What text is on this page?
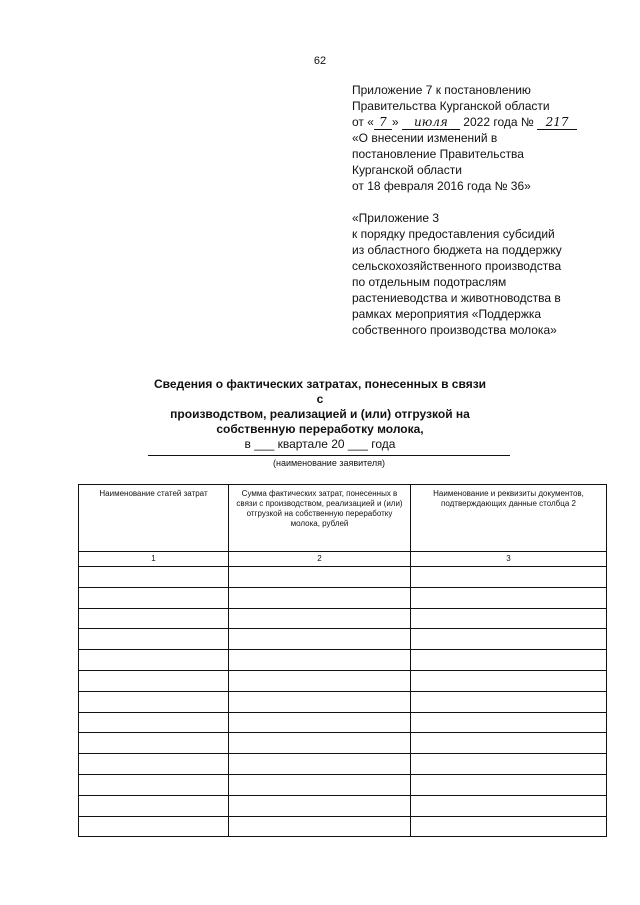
62
Приложение 7 к постановлению
Правительства Курганской области
от « 7 » июля 2022 года № 217
«О внесении изменений в
постановление Правительства
Курганской области
от 18 февраля 2016 года № 36»
«Приложение 3
к порядку предоставления субсидий
из областного бюджета на поддержку
сельскохозяйственного производства
по отдельным подотраслям
растениеводства и животноводства в
рамках мероприятия «Поддержка
собственного производства молока»
Сведения о фактических затратах, понесенных в связи с
производством, реализацией и (или) отгрузкой на
собственную переработку молока,
в ___ квартале 20 ___ года
(наименование заявителя)
Наименование статей затрат	Сумма фактических затрат, понесенных в связи с производством, реализацией и (или) отгрузкой на собственную переработку молока, рублей	Наименование и реквизиты документов, подтверждающих данные столбца 2
1	2	3
